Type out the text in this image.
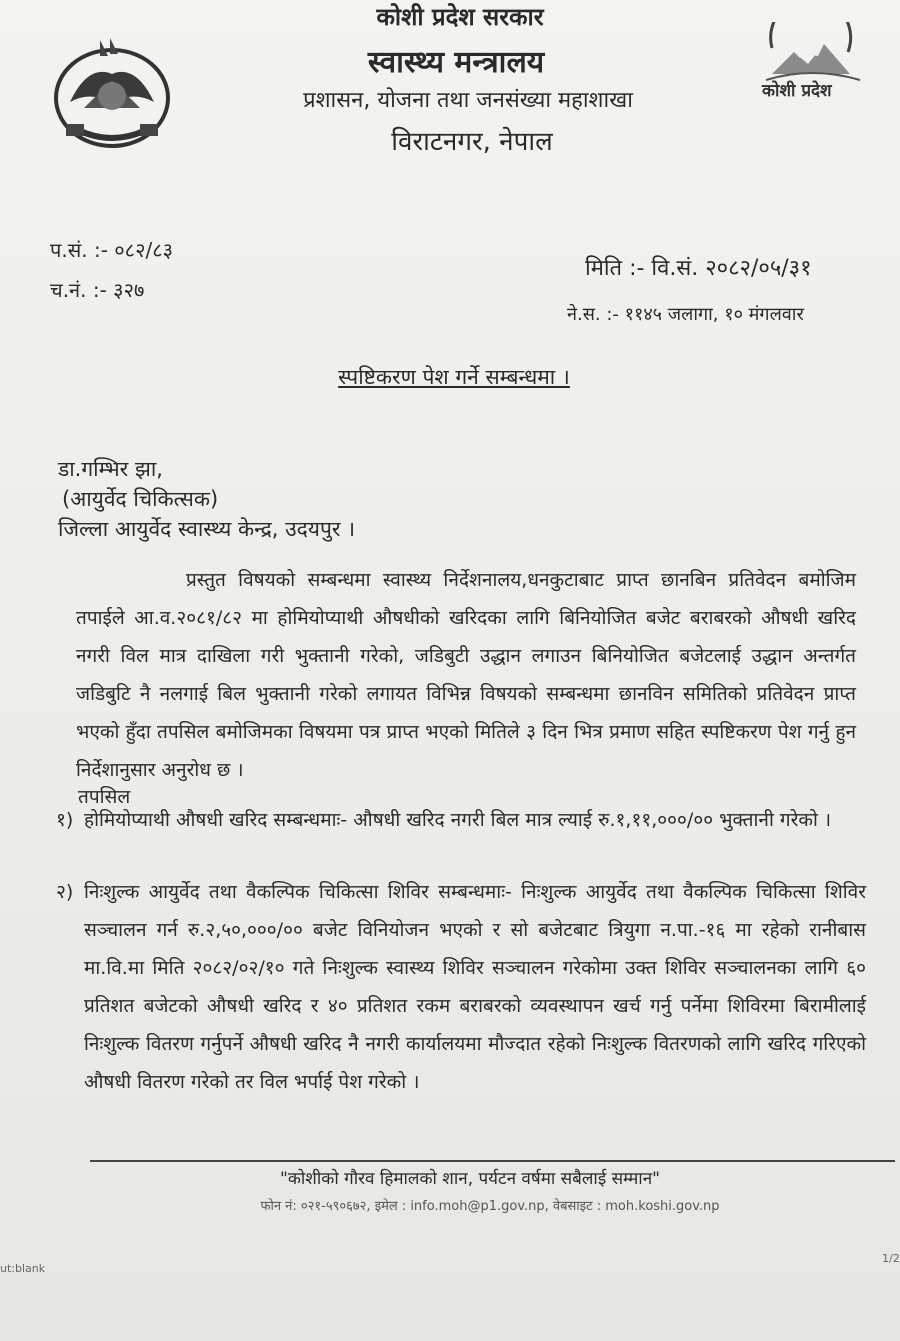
कोशी प्रदेश
कोशी प्रदेश सरकार
स्वास्थ्य मन्त्रालय
प्रशासन, योजना तथा जनसंख्या महाशाखा
विराटनगर, नेपाल
प.सं. :- ०८२/८३
च.नं. :- ३२७
मिति :- वि.सं. २०८२/०५/३१
ने.स. :- ११४५ जलागा, १० मंगलवार
स्पष्टिकरण पेश गर्ने सम्बन्धमा ।
डा.गम्भिर झा,
(आयुर्वेद चिकित्सक)
जिल्ला आयुर्वेद स्वास्थ्य केन्द्र, उदयपुर ।
प्रस्तुत विषयको सम्बन्धमा स्वास्थ्य निर्देशनालय,धनकुटाबाट प्राप्त छानबिन प्रतिवेदन बमोजिम तपाईले आ.व.२०८१/८२ मा होमियोप्याथी औषधीको खरिदका लागि बिनियोजित बजेट बराबरको औषधी खरिद नगरी विल मात्र दाखिला गरी भुक्तानी गरेको, जडिबुटी उद्धान लगाउन बिनियोजित बजेटलाई उद्धान अन्तर्गत जडिबुटि नै नलगाई बिल भुक्तानी गरेको लगायत विभिन्न विषयको सम्बन्धमा छानविन समितिको प्रतिवेदन प्राप्त भएको हुँदा तपसिल बमोजिमका विषयमा पत्र प्राप्त भएको मितिले ३ दिन भित्र प्रमाण सहित स्पष्टिकरण पेश गर्नु हुन निर्देशानुसार अनुरोध छ ।
तपसिल
१) होमियोप्याथी औषधी खरिद सम्बन्धमाः- औषधी खरिद नगरी बिल मात्र ल्याई रु.१,११,०००/०० भुक्तानी गरेको ।
२) निःशुल्क आयुर्वेद तथा वैकल्पिक चिकित्सा शिविर सम्बन्धमाः- निःशुल्क आयुर्वेद तथा वैकल्पिक चिकित्सा शिविर सञ्चालन गर्न रु.२,५०,०००/०० बजेट विनियोजन भएको र सो बजेटबाट त्रियुगा न.पा.-१६ मा रहेको रानीबास मा.वि.मा मिति २०८२/०२/१० गते निःशुल्क स्वास्थ्य शिविर सञ्चालन गरेकोमा उक्त शिविर सञ्चालनका लागि ६० प्रतिशत बजेटको औषधी खरिद र ४० प्रतिशत रकम बराबरको व्यवस्थापन खर्च गर्नु पर्नेमा शिविरमा बिरामीलाई निःशुल्क वितरण गर्नुपर्ने औषधी खरिद नै नगरी कार्यालयमा मौज्दात रहेको निःशुल्क वितरणको लागि खरिद गरिएको औषधी वितरण गरेको तर विल भर्पाई पेश गरेको ।
"कोशीको गौरव हिमालको शान, पर्यटन वर्षमा सबैलाई सम्मान"
फोन नं: ०२१-५९०६७२, इमेल : info.moh@p1.gov.np, वेबसाइट : moh.koshi.gov.np
ut:blank
1/2
